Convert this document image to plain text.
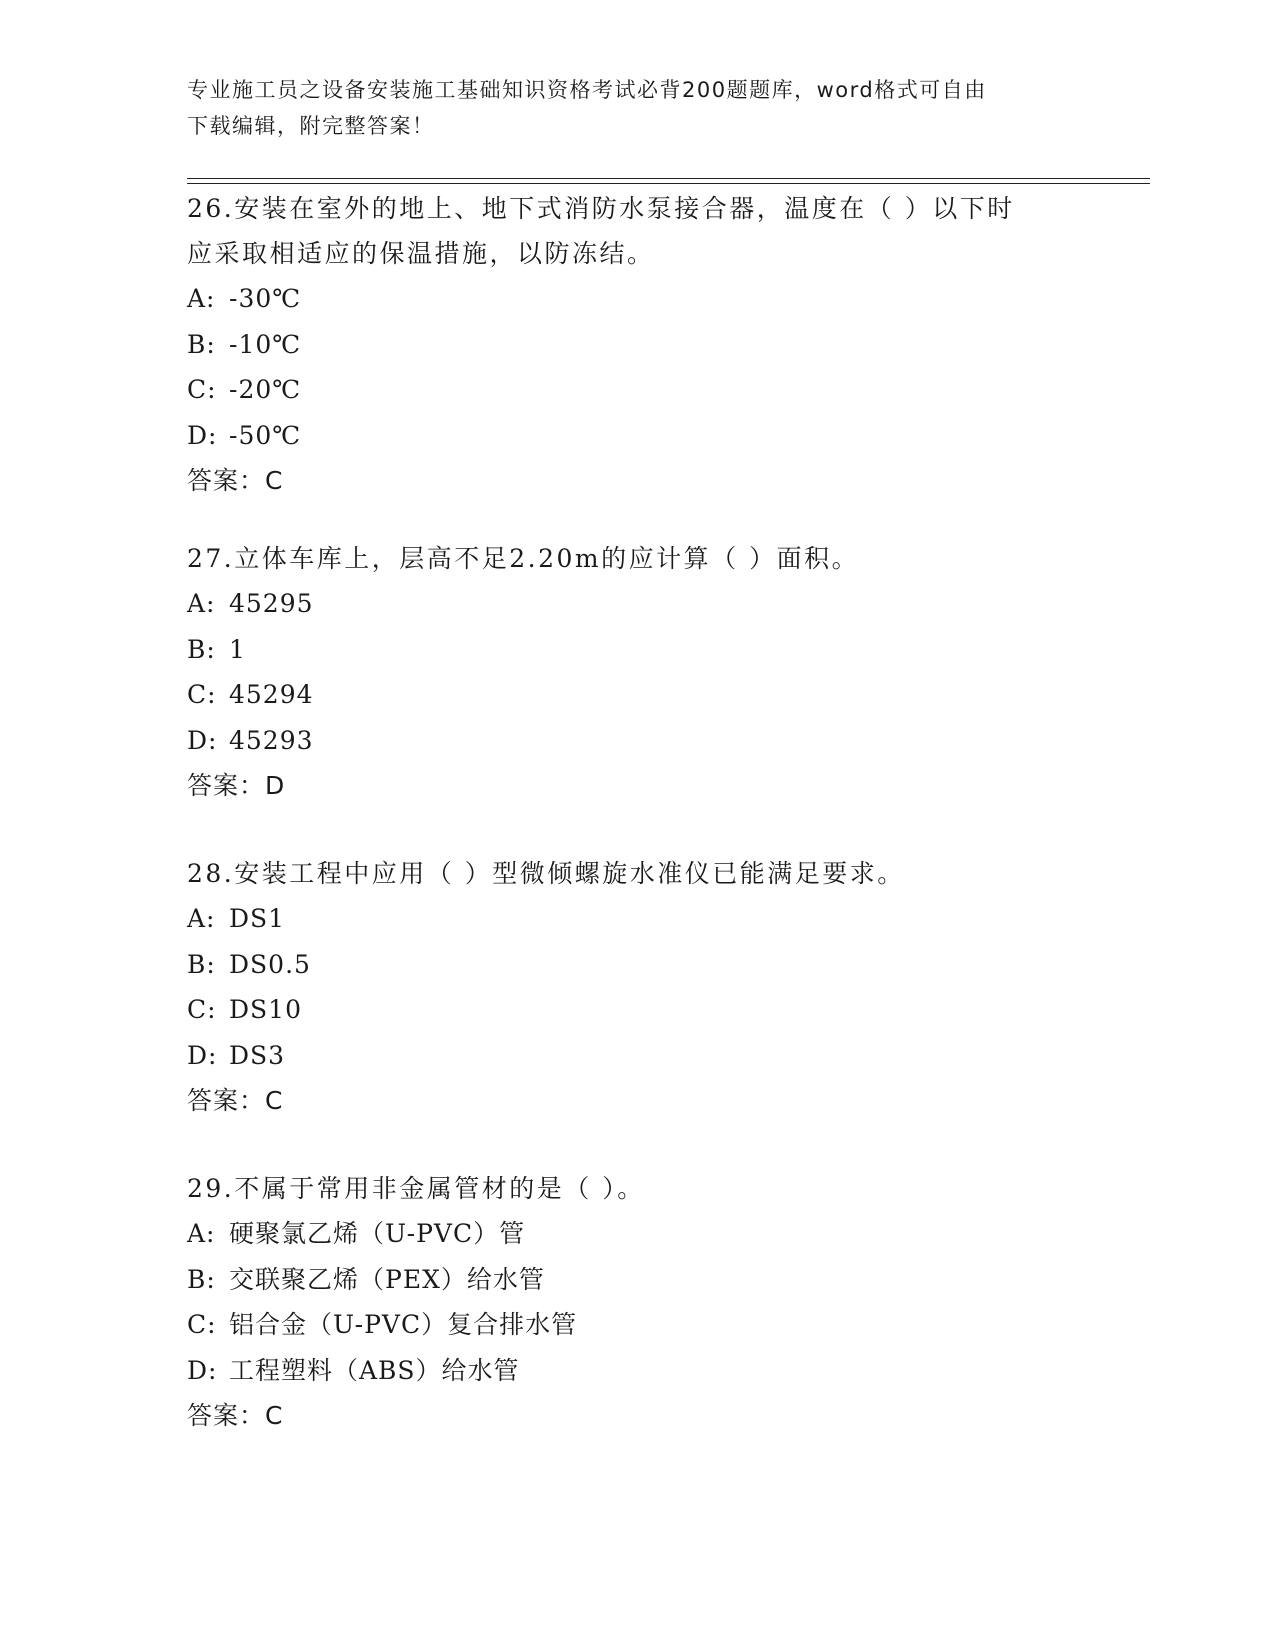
专业施工员之设备安装施工基础知识资格考试必背200题题库，word格式可自由
下载编辑，附完整答案！

26.安装在室外的地上、地下式消防水泵接合器，温度在（ ）以下时

应采取相适应的保温措施，以防冻结。

A: -30℃

B: -10℃

C: -20℃

D: -50℃

答案：C

27.立体车库上，层高不足2.20m的应计算（ ）面积。

A: 45295

B: 1

C: 45294

D: 45293

答案：D

28.安装工程中应用（ ）型微倾螺旋水准仪已能满足要求。

A: DS1

B: DS0.5

C: DS10

D: DS3

答案：C

29.不属于常用非金属管材的是（ ）。

A: 硬聚氯乙烯（U-PVC）管

B: 交联聚乙烯（PEX）给水管

C: 铝合金（U-PVC）复合排水管

D: 工程塑料（ABS）给水管

答案：C
